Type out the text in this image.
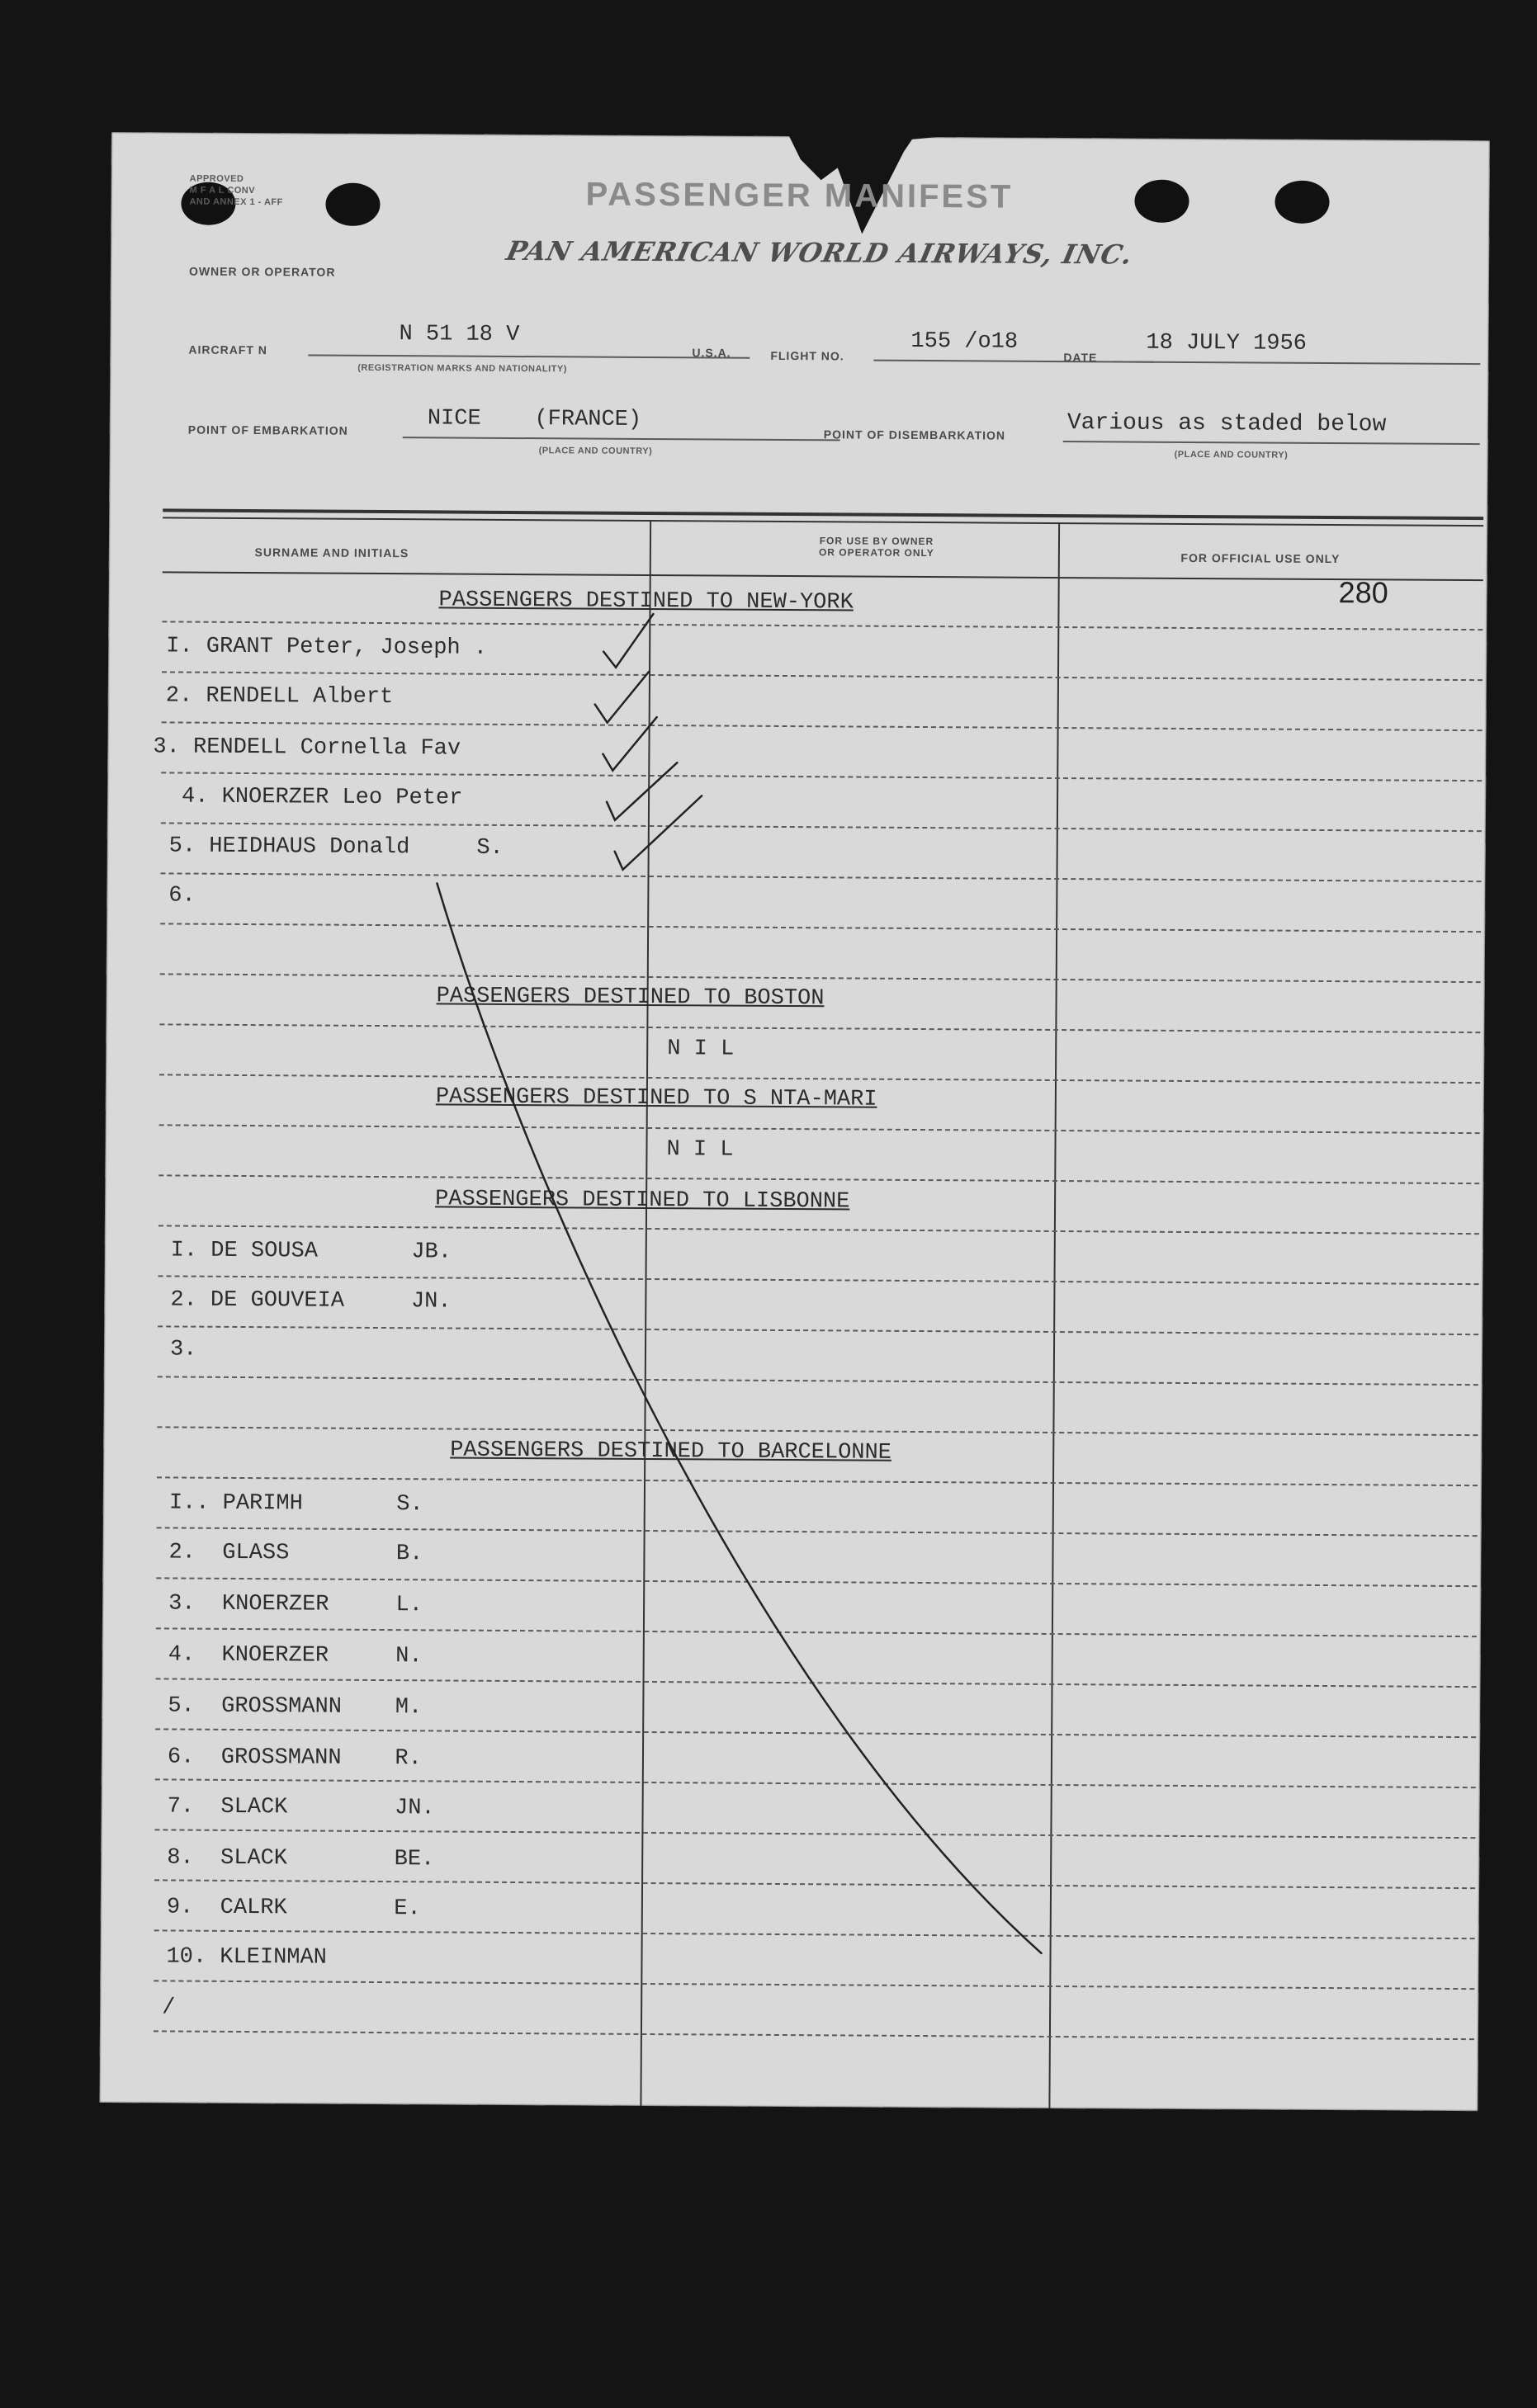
APPROVED
M F A L CONV
AND ANNEX 1 - AFF	PASSENGER MANIFEST
OWNER OR OPERATOR
PAN AMERICAN WORLD AIRWAYS, INC.
AIRCRAFT N
N 51 18 V
(REGISTRATION MARKS AND NATIONALITY)
U.S.A.	FLIGHT NO.
155 /o18
DATE
18 JULY 1956
POINT OF EMBARKATION	NICE    (FRANCE)
(PLACE AND COUNTRY)
POINT OF DISEMBARKATION	Various as staded below
(PLACE AND COUNTRY)
SURNAME AND INITIALS
FOR USE BY OWNER
OR OPERATOR ONLY	FOR OFFICIAL USE ONLY
280
PASSENGERS DESTINED TO NEW-YORK
I. GRANT Peter, Joseph .
2. RENDELL Albert
3. RENDELL Cornella Fav
4. KNOERZER Leo Peter
5. HEIDHAUS Donald     S.
6.
PASSENGERS DESTINED TO BOSTON
N I L
PASSENGERS DESTINED TO S NTA-MARI
N I L
PASSENGERS DESTINED TO LISBONNE
I. DE SOUSA       JB.
2. DE GOUVEIA     JN.
3.
PASSENGERS DESTINED TO BARCELONNE
I.. PARIMH       S.
2.  GLASS        B.
3.  KNOERZER     L.
4.  KNOERZER     N.
5.  GROSSMANN    M.
6.  GROSSMANN    R.
7.  SLACK        JN.
8.  SLACK        BE.
9.  CALRK        E.
10. KLEINMAN
/
